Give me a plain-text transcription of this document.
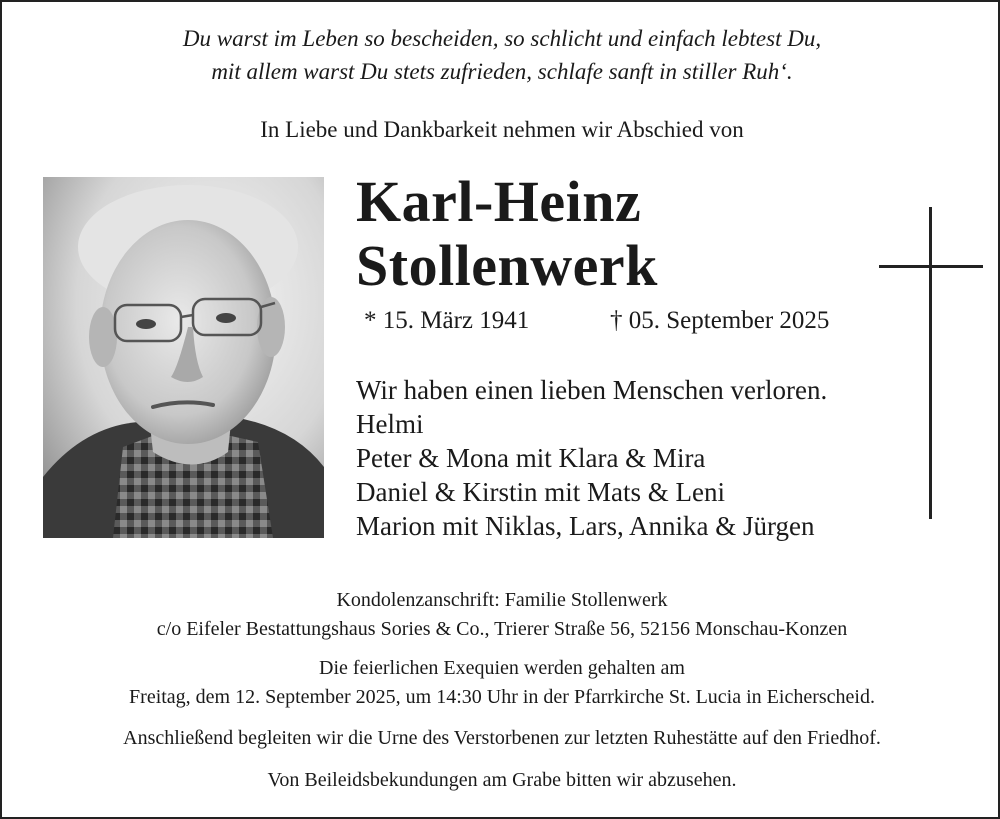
Du warst im Leben so bescheiden, so schlicht und einfach lebtest Du,
mit allem warst Du stets zufrieden, schlafe sanft in stiller Ruh‘.
In Liebe und Dankbarkeit nehmen wir Abschied von
Karl-Heinz
Stollenwerk
* 15. März 1941	† 05. September 2025
Wir haben einen lieben Menschen verloren.
Helmi
Peter & Mona mit Klara & Mira
Daniel & Kirstin mit Mats & Leni
Marion mit Niklas, Lars, Annika & Jürgen
Kondolenzanschrift: Familie Stollenwerk
c/o Eifeler Bestattungshaus Sories & Co., Trierer Straße 56, 52156 Monschau-Konzen
Die feierlichen Exequien werden gehalten am
Freitag, dem 12. September 2025, um 14:30 Uhr in der Pfarrkirche St. Lucia in Eicherscheid.
Anschließend begleiten wir die Urne des Verstorbenen zur letzten Ruhestätte auf den Friedhof.
Von Beileidsbekundungen am Grabe bitten wir abzusehen.
